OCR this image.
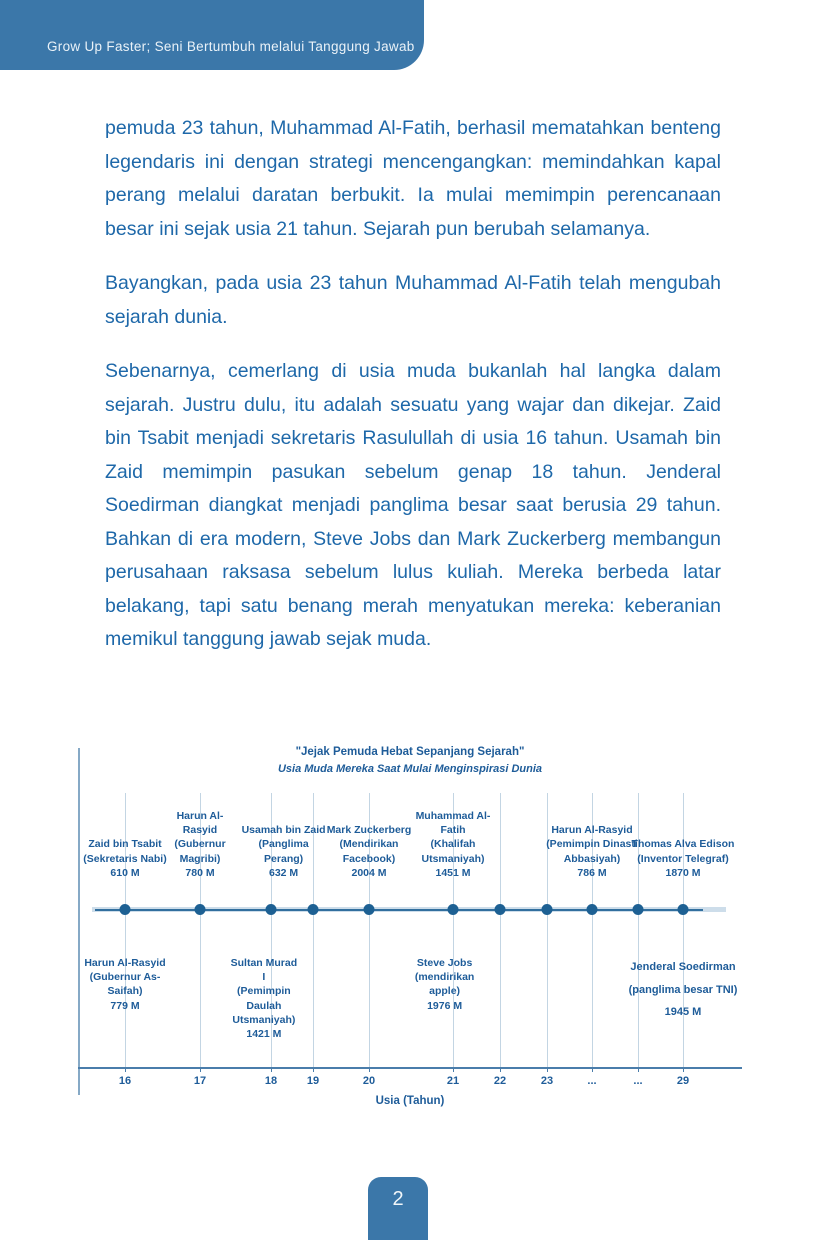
Grow Up Faster; Seni Bertumbuh melalui Tanggung Jawab

pemuda 23 tahun, Muhammad Al-Fatih, berhasil mematahkan benteng legendaris ini dengan strategi mencengangkan: memindahkan kapal perang melalui daratan berbukit. Ia mulai memimpin perencanaan besar ini sejak usia 21 tahun. Sejarah pun berubah selamanya.

Bayangkan, pada usia 23 tahun Muhammad Al-Fatih telah mengubah sejarah dunia.

Sebenarnya, cemerlang di usia muda bukanlah hal langka dalam sejarah. Justru dulu, itu adalah sesuatu yang wajar dan dikejar. Zaid bin Tsabit menjadi sekretaris Rasulullah di usia 16 tahun. Usamah bin Zaid memimpin pasukan sebelum genap 18 tahun. Jenderal Soedirman diangkat menjadi panglima besar saat berusia 29 tahun. Bahkan di era modern, Steve Jobs dan Mark Zuckerberg membangun perusahaan raksasa sebelum lulus kuliah. Mereka berbeda latar belakang, tapi satu benang merah menyatukan mereka: keberanian memikul tanggung jawab sejak muda.

"Jejak Pemuda Hebat Sepanjang Sejarah"
Usia Muda Mereka Saat Mulai Menginspirasi Dunia
Usia (Tahun)
16	17	18	19	20	21	22	23	...	...	29
Zaid bin Tsabit
(Sekretaris Nabi)
610 M
Harun Al-Rasyid
(Gubernur Magribi)
780 M
Usamah bin Zaid
(Panglima Perang)
632 M
Mark Zuckerberg
(Mendirikan Facebook)
2004 M
Muhammad Al-Fatih
(Khalifah Utsmaniyah)
1451 M
Harun Al-Rasyid
(Pemimpin Dinasti Abbasiyah)
786 M
Thomas Alva Edison
(Inventor Telegraf)
1870 M
Harun Al-Rasyid
(Gubernur As-Saifah)
779 M
Sultan Murad I
(Pemimpin Daulah Utsmaniyah)
1421 M
Steve Jobs
(mendirikan apple)
1976 M
Jenderal Soedirman
(panglima besar TNI)
1945 M
2
